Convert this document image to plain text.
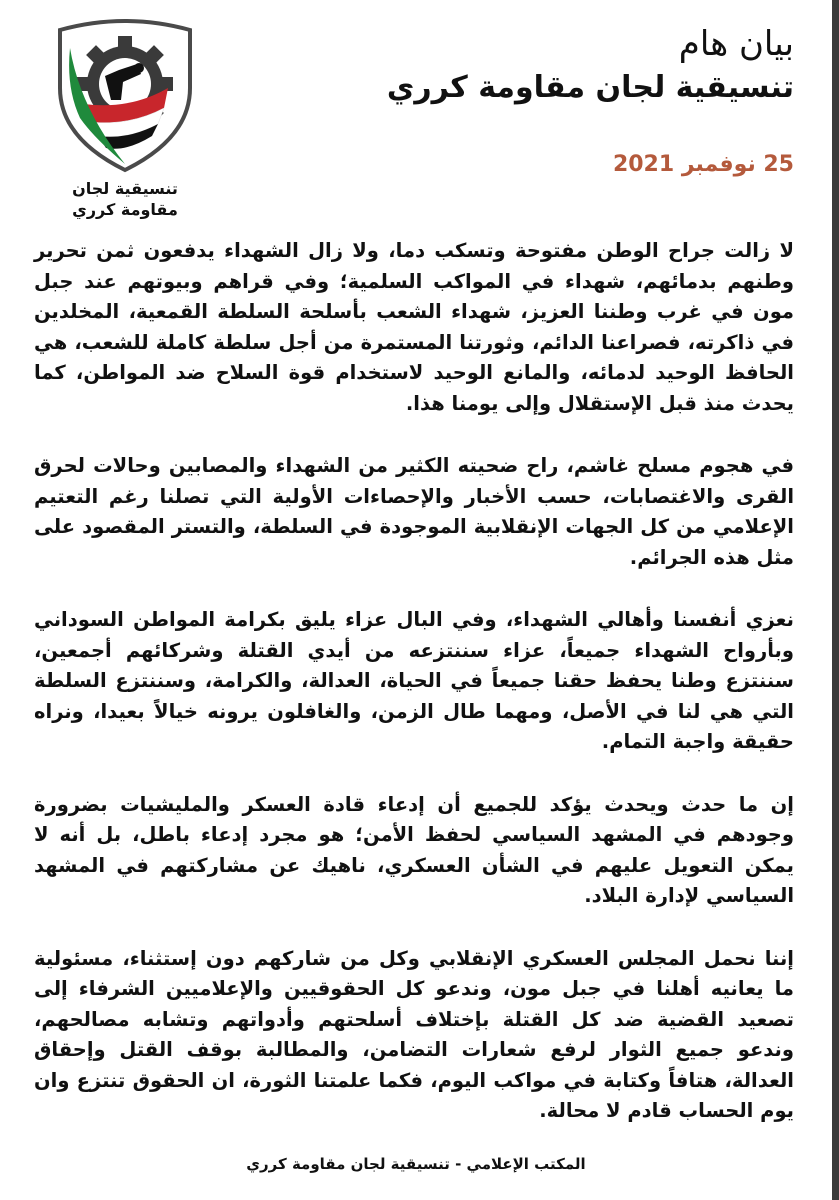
بيان هام
تنسيقية لجان مقاومة كرري
25 نوفمبر 2021
تنسيقية لجان
مقاومة كرري

لا زالت جراح الوطن مفتوحة وتسكب دما، ولا زال الشهداء يدفعون ثمن تحرير وطنهم بدمائهم، شهداء في المواكب السلمية؛ وفي قراهم وبيوتهم عند جبل مون في غرب وطننا العزيز، شهداء الشعب بأسلحة السلطة القمعية، المخلدين في ذاكرته، فصراعنا الدائم، وثورتنا المستمرة من أجل سلطة كاملة للشعب، هي الحافظ الوحيد لدمائه، والمانع الوحيد لاستخدام قوة السلاح ضد المواطن، كما يحدث منذ قبل الإستقلال وإلى يومنا هذا.

في هجوم مسلح غاشم، راح ضحيته الكثير من الشهداء والمصابين وحالات لحرق القرى والاغتصابات، حسب الأخبار والإحصاءات الأولية التي تصلنا رغم التعتيم الإعلامي من كل الجهات الإنقلابية الموجودة في السلطة، والتستر المقصود على مثل هذه الجرائم.

نعزي أنفسنا وأهالي الشهداء، وفي البال عزاء يليق بكرامة المواطن السوداني وبأرواح الشهداء جميعاً، عزاء سننتزعه من أيدي القتلة وشركائهم أجمعين، سننتزع وطنا يحفظ حقنا جميعاً في الحياة، العدالة، والكرامة، وسننتزع السلطة التي هي لنا في الأصل، ومهما طال الزمن، والغافلون يرونه خيالاً بعيدا، ونراه حقيقة واجبة التمام.

إن ما حدث ويحدث يؤكد للجميع أن إدعاء قادة العسكر والمليشيات بضرورة وجودهم في المشهد السياسي لحفظ الأمن؛ هو مجرد إدعاء باطل، بل أنه لا يمكن التعويل عليهم في الشأن العسكري، ناهيك عن مشاركتهم في المشهد السياسي لإدارة البلاد.

إننا نحمل المجلس العسكري الإنقلابي وكل من شاركهم دون إستثناء، مسئولية ما يعانيه أهلنا في جبل مون، وندعو كل الحقوقيين والإعلاميين الشرفاء إلى تصعيد القضية ضد كل القتلة بإختلاف أسلحتهم وأدواتهم وتشابه مصالحهم، وندعو جميع الثوار لرفع شعارات التضامن، والمطالبة بوقف القتل وإحقاق العدالة، هتافاً وكتابة في مواكب اليوم، فكما علمتنا الثورة، ان الحقوق تنتزع وان يوم الحساب قادم لا محالة.

المكتب الإعلامي - تنسيقية لجان مقاومة كرري
